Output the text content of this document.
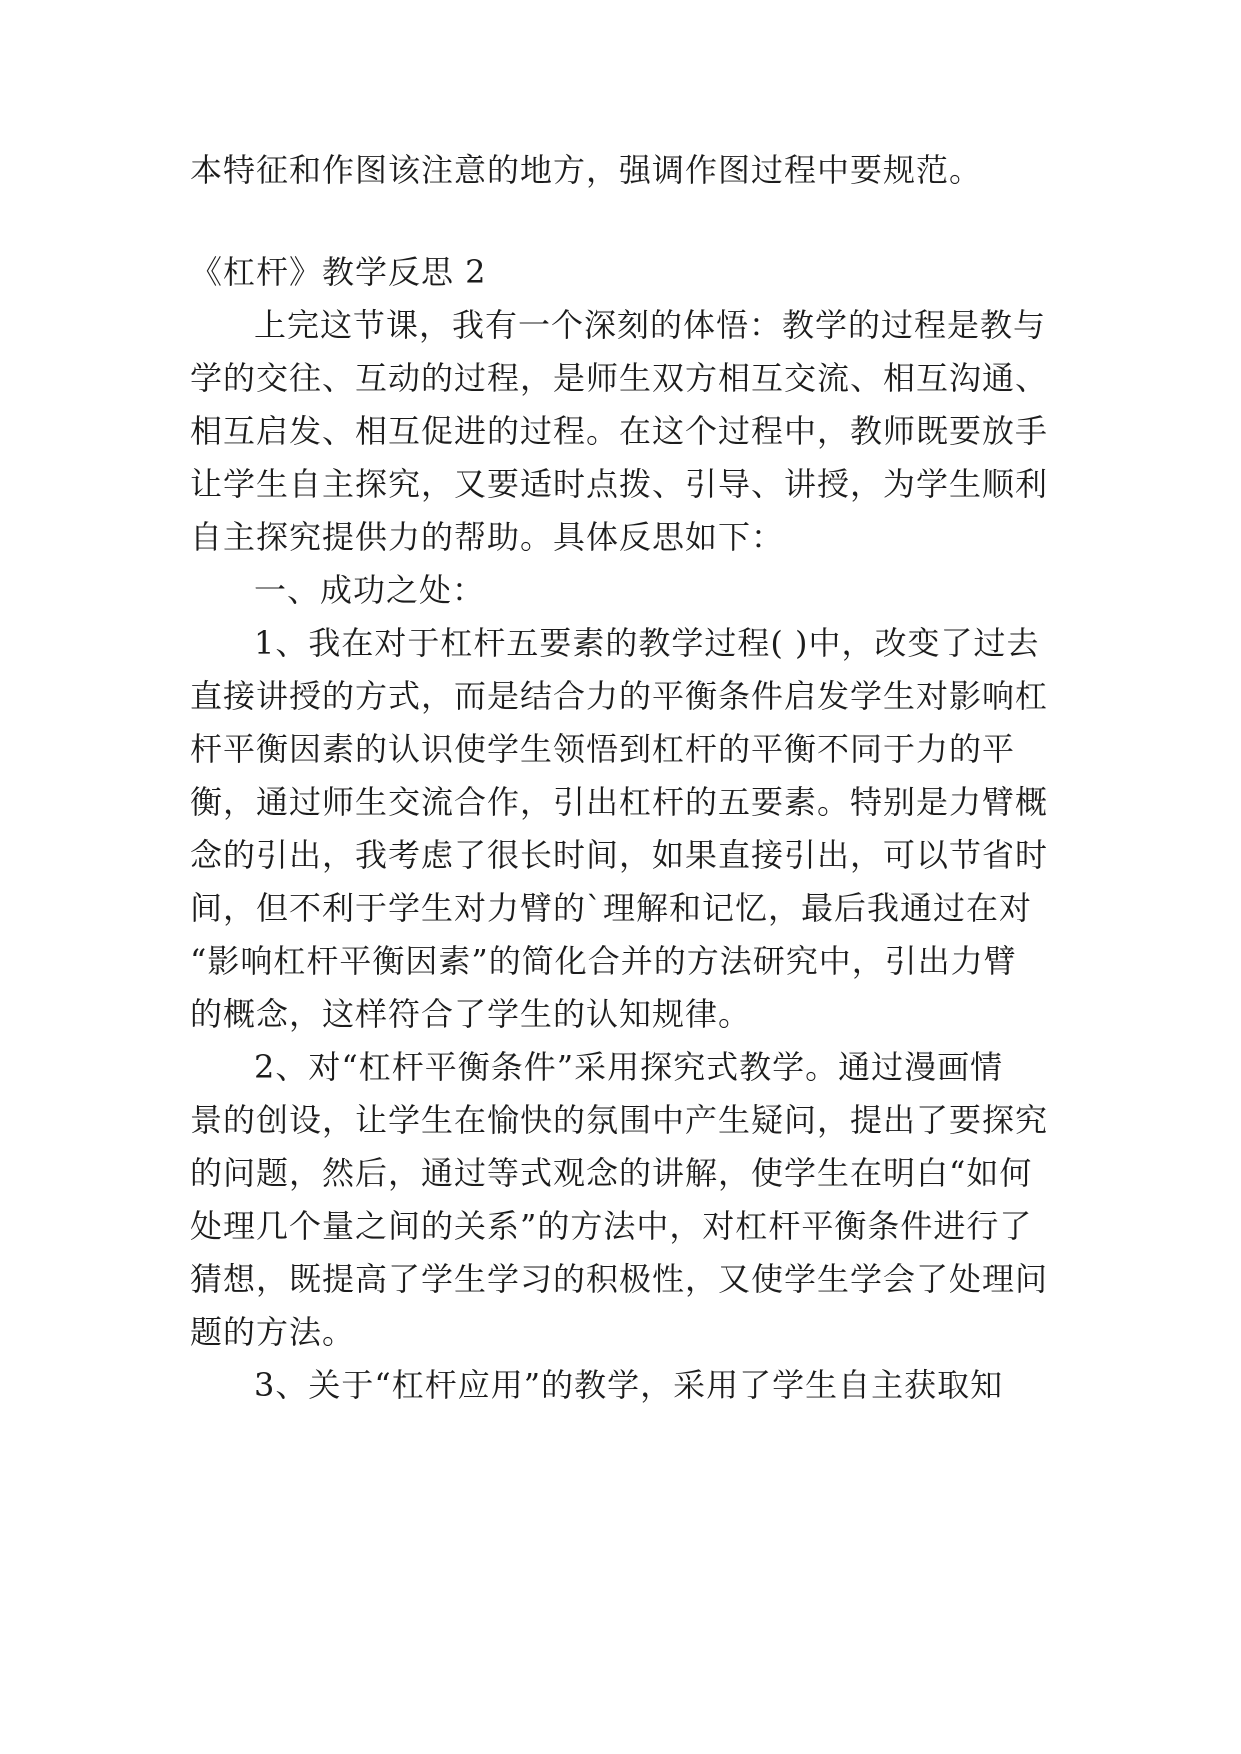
本特征和作图该注意的地方，强调作图过程中要规范。
《杠杆》教学反思 2
上完这节课，我有一个深刻的体悟：教学的过程是教与
学的交往、互动的过程，是师生双方相互交流、相互沟通、
相互启发、相互促进的过程。在这个过程中，教师既要放手
让学生自主探究，又要适时点拨、引导、讲授，为学生顺利
自主探究提供力的帮助。具体反思如下：
一、成功之处：
1、我在对于杠杆五要素的教学过程( )中，改变了过去
直接讲授的方式，而是结合力的平衡条件启发学生对影响杠
杆平衡因素的认识使学生领悟到杠杆的平衡不同于力的平
衡，通过师生交流合作，引出杠杆的五要素。特别是力臂概
念的引出，我考虑了很长时间，如果直接引出，可以节省时
间，但不利于学生对力臂的`理解和记忆，最后我通过在对
“影响杠杆平衡因素”的简化合并的方法研究中，引出力臂
的概念，这样符合了学生的认知规律。
2、对“杠杆平衡条件”采用探究式教学。通过漫画情
景的创设，让学生在愉快的氛围中产生疑问，提出了要探究
的问题，然后，通过等式观念的讲解，使学生在明白“如何
处理几个量之间的关系”的方法中，对杠杆平衡条件进行了
猜想，既提高了学生学习的积极性，又使学生学会了处理问
题的方法。
3、关于“杠杆应用”的教学，采用了学生自主获取知
